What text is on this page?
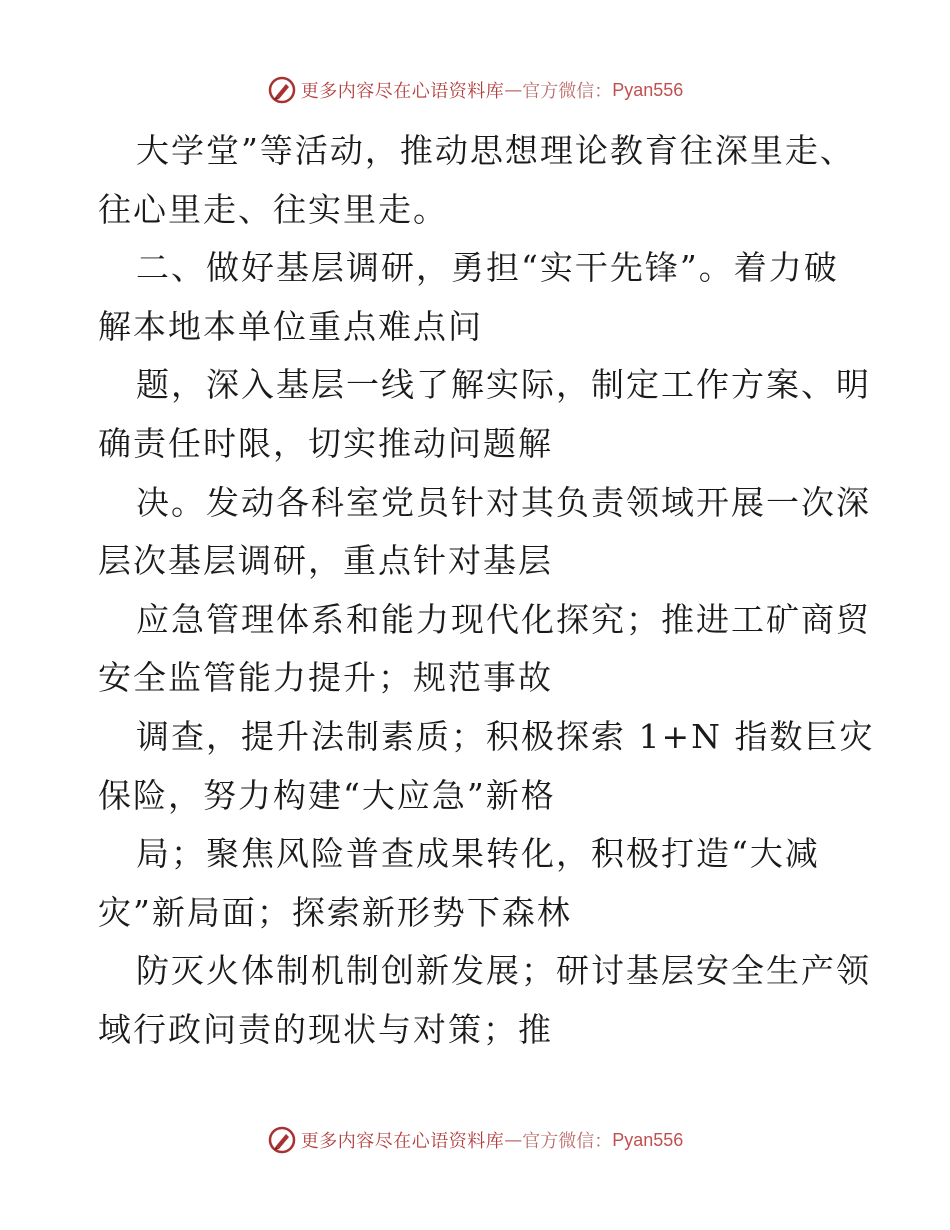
更多内容尽在心语资料库 — 官方微信： Pyan556
大学堂”等活动，推动思想理论教育往深里走、
往心里走、往实里走。
二、做好基层调研，勇担“实干先锋”。着力破
解本地本单位重点难点问
题，深入基层一线了解实际，制定工作方案、明
确责任时限，切实推动问题解
决。发动各科室党员针对其负责领域开展一次深
层次基层调研，重点针对基层
应急管理体系和能力现代化探究；推进工矿商贸
安全监管能力提升；规范事故
调查，提升法制素质；积极探索 1+N 指数巨灾
保险，努力构建“大应急”新格
局；聚焦风险普查成果转化，积极打造“大减
灾”新局面；探索新形势下森林
防灭火体制机制创新发展；研讨基层安全生产领
域行政问责的现状与对策；推
更多内容尽在心语资料库 — 官方微信： Pyan556
